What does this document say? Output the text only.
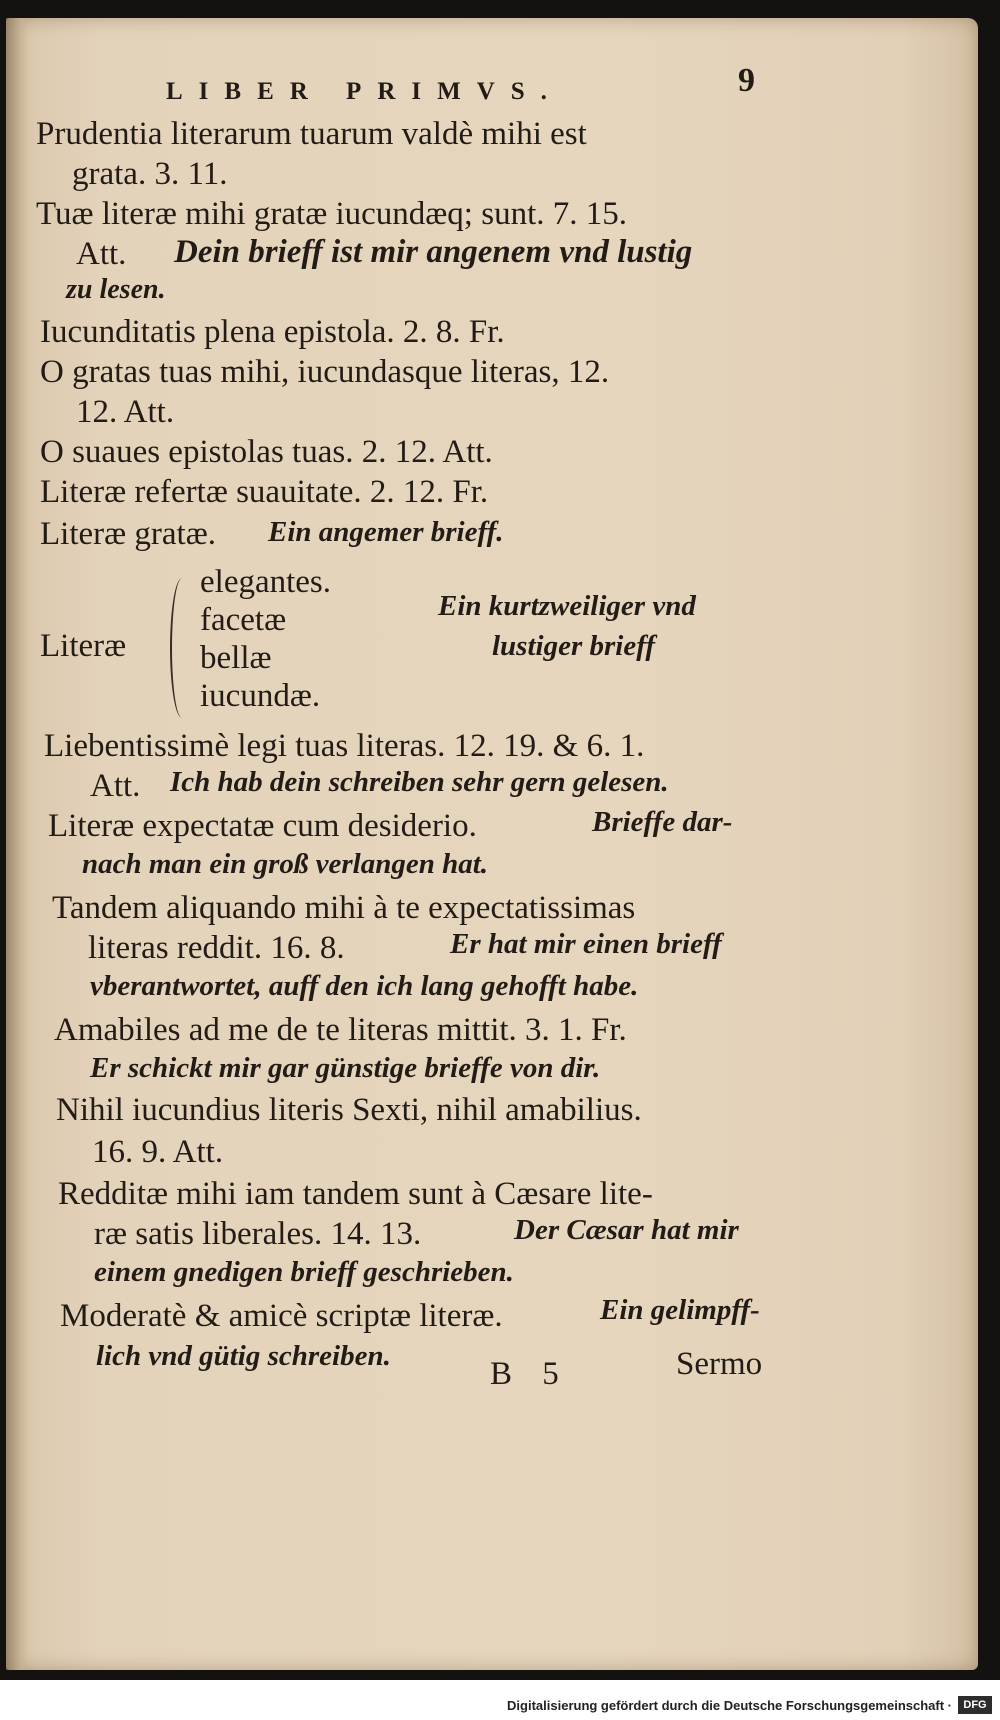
LIBER PRIMVS.	9
Prudentia literarum tuarum valdè mihi est
grata. 3. 11.
Tuæ literæ mihi gratæ iucundæq; sunt. 7. 15.
Att. Dein brieff ist mir angenem vnd lustig
zu lesen.
Iucunditatis plena epistola. 2. 8. Fr.
O gratas tuas mihi, iucundasque literas, 12.
12. Att.
O suaues epistolas tuas. 2. 12. Att.
Literæ refertæ suauitate. 2. 12. Fr.
Literæ gratæ. Ein angemer brieff.
Literæ
elegantes.
facetæ
bellæ
iucundæ.
Ein kurtzweiliger vnd
lustiger brieff
Liebentissimè legi tuas literas. 12. 19. & 6. 1.
Att. Ich hab dein schreiben sehr gern gelesen.
Literæ expectatæ cum desiderio.	Brieffe dar-
nach man ein groß verlangen hat.
Tandem aliquando mihi à te expectatissimas
literas reddit. 16. 8.	Er hat mir einen brieff
vberantwortet, auff den ich lang gehofft habe.
Amabiles ad me de te literas mittit. 3. 1. Fr.
Er schickt mir gar günstige brieffe von dir.
Nihil iucundius literis Sexti, nihil amabilius.
16. 9. Att.
Redditæ mihi iam tandem sunt à Cæsare lite-
ræ satis liberales. 14. 13.	Der Cæsar hat mir
einem gnedigen brieff geschrieben.
Moderatè & amicè scriptæ literæ.	Ein gelimpff-
lich vnd gütig schreiben.	B 5	Sermo
Digitalisierung gefördert durch die Deutsche Forschungsgemeinschaft ·	DFG
